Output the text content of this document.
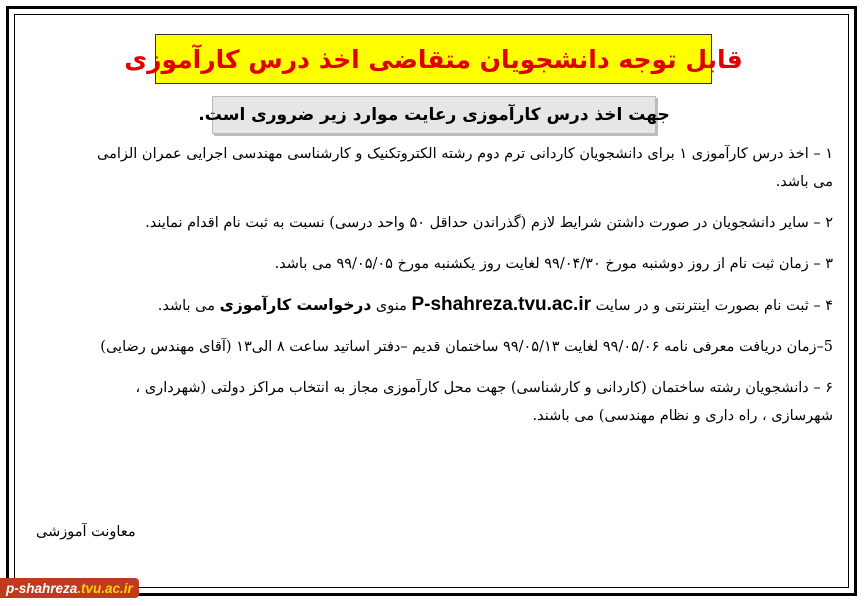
قابل توجه دانشجویان متقاضی اخذ درس کارآموزی
جهت اخذ درس کارآموزی رعایت موارد زیر ضروری است.

۱ – اخذ درس کارآموزی ۱ برای دانشجویان کاردانی ترم دوم رشته الکتروتکنیک و کارشناسی مهندسی اجرایی عمران الزامی

می باشد.

۲ – سایر دانشجویان در صورت داشتن شرایط لازم (گذراندن حداقل ۵۰ واحد درسی) نسبت به ثبت نام اقدام نمایند.

۳ – زمان ثبت نام از روز دوشنبه مورخ ۹۹/۰۴/۳۰ لغایت روز یکشنبه مورخ ۹۹/۰۵/۰۵ می باشد.

۴ – ثبت نام بصورت اینترنتی و در سایت P-shahreza.tvu.ac.ir منوی درخواست کارآموزی می باشد.

5–زمان دریافت معرفی نامه ۹۹/۰۵/۰۶ لغایت ۹۹/۰۵/۱۳ ساختمان قدیم –دفتر اساتید ساعت ۸ الی۱۳ (آقای مهندس رضایی)

۶ – دانشجویان رشته ساختمان (کاردانی و کارشناسی) جهت محل کارآموزی مجاز به انتخاب مراکز دولتی (شهرداری ،

شهرسازی ، راه داری و نظام مهندسی) می باشند.

معاونت آموزشی
p-shahreza .tvu.ac.ir
